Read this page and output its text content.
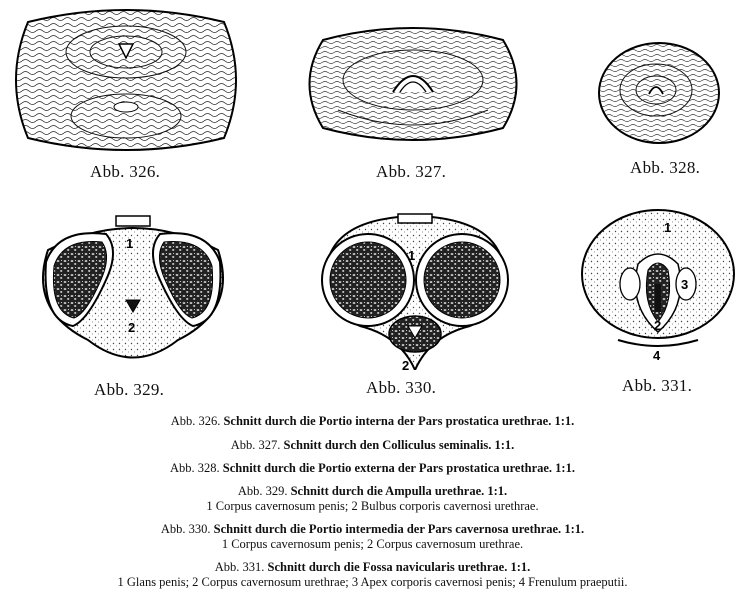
Abb. 326.	Abb. 327.	Abb. 328.
1
2
Abb. 329.
1
2
Abb. 330.
1
2
3
4
Abb. 331.
Abb. 326. Schnitt durch die Portio interna der Pars prostatica urethrae. 1:1.
Abb. 327. Schnitt durch den Colliculus seminalis. 1:1.
Abb. 328. Schnitt durch die Portio externa der Pars prostatica urethrae. 1:1.
Abb. 329. Schnitt durch die Ampulla urethrae. 1:1.
1 Corpus cavernosum penis; 2 Bulbus corporis cavernosi urethrae.
Abb. 330. Schnitt durch die Portio intermedia der Pars cavernosa urethrae. 1:1.
1 Corpus cavernosum penis; 2 Corpus cavernosum urethrae.
Abb. 331. Schnitt durch die Fossa navicularis urethrae. 1:1.
1 Glans penis; 2 Corpus cavernosum urethrae; 3 Apex corporis cavernosi penis; 4 Frenulum praeputii.
